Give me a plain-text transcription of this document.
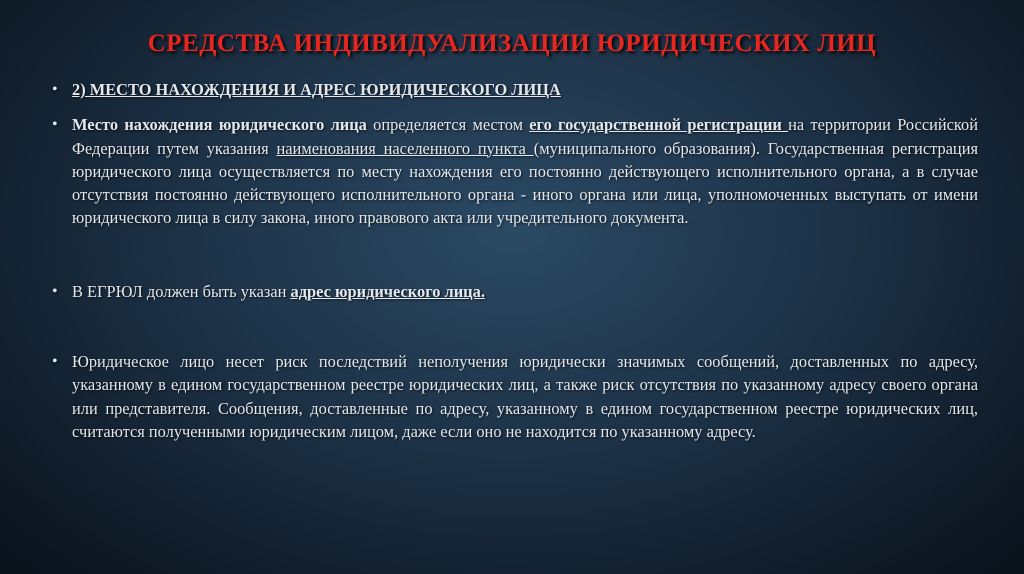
СРЕДСТВА ИНДИВИДУАЛИЗАЦИИ ЮРИДИЧЕСКИХ ЛИЦ
• 2) МЕСТО НАХОЖДЕНИЯ И АДРЕС ЮРИДИЧЕСКОГО ЛИЦА
• Место нахождения юридического лица определяется местом его государственной регистрации на территории Российской Федерации путем указания наименования населенного пункта (муниципального образования). Государственная регистрация юридического лица осуществляется по месту нахождения его постоянно действующего исполнительного органа, а в случае отсутствия постоянно действующего исполнительного органа - иного органа или лица, уполномоченных выступать от имени юридического лица в силу закона, иного правового акта или учредительного документа.
• В ЕГРЮЛ должен быть указан адрес юридического лица.
• Юридическое лицо несет риск последствий неполучения юридически значимых сообщений, доставленных по адресу, указанному в едином государственном реестре юридических лиц, а также риск отсутствия по указанному адресу своего органа или представителя. Сообщения, доставленные по адресу, указанному в едином государственном реестре юридических лиц, считаются полученными юридическим лицом, даже если оно не находится по указанному адресу.
